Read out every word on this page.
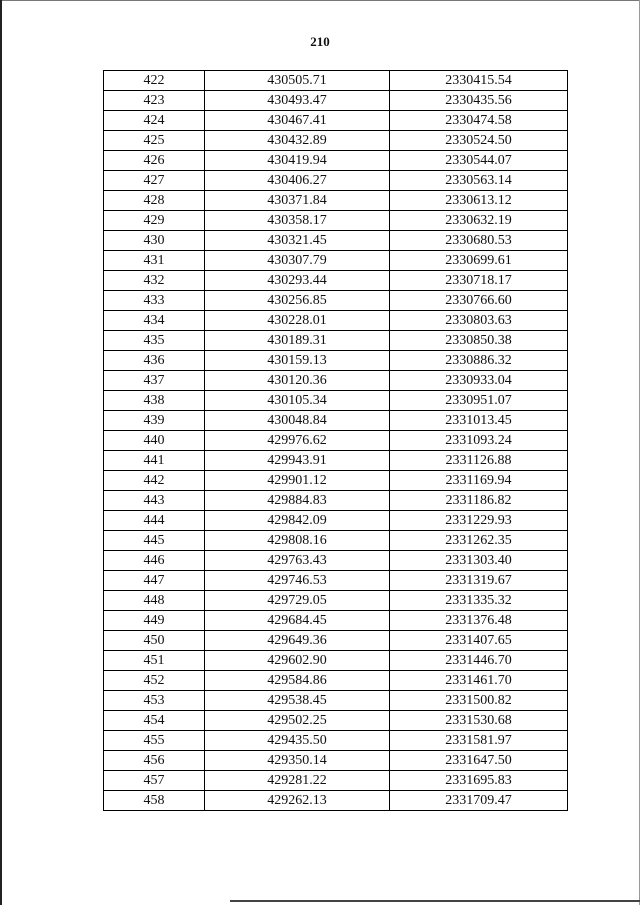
210
422	430505.71	2330415.54
423	430493.47	2330435.56
424	430467.41	2330474.58
425	430432.89	2330524.50
426	430419.94	2330544.07
427	430406.27	2330563.14
428	430371.84	2330613.12
429	430358.17	2330632.19
430	430321.45	2330680.53
431	430307.79	2330699.61
432	430293.44	2330718.17
433	430256.85	2330766.60
434	430228.01	2330803.63
435	430189.31	2330850.38
436	430159.13	2330886.32
437	430120.36	2330933.04
438	430105.34	2330951.07
439	430048.84	2331013.45
440	429976.62	2331093.24
441	429943.91	2331126.88
442	429901.12	2331169.94
443	429884.83	2331186.82
444	429842.09	2331229.93
445	429808.16	2331262.35
446	429763.43	2331303.40
447	429746.53	2331319.67
448	429729.05	2331335.32
449	429684.45	2331376.48
450	429649.36	2331407.65
451	429602.90	2331446.70
452	429584.86	2331461.70
453	429538.45	2331500.82
454	429502.25	2331530.68
455	429435.50	2331581.97
456	429350.14	2331647.50
457	429281.22	2331695.83
458	429262.13	2331709.47
